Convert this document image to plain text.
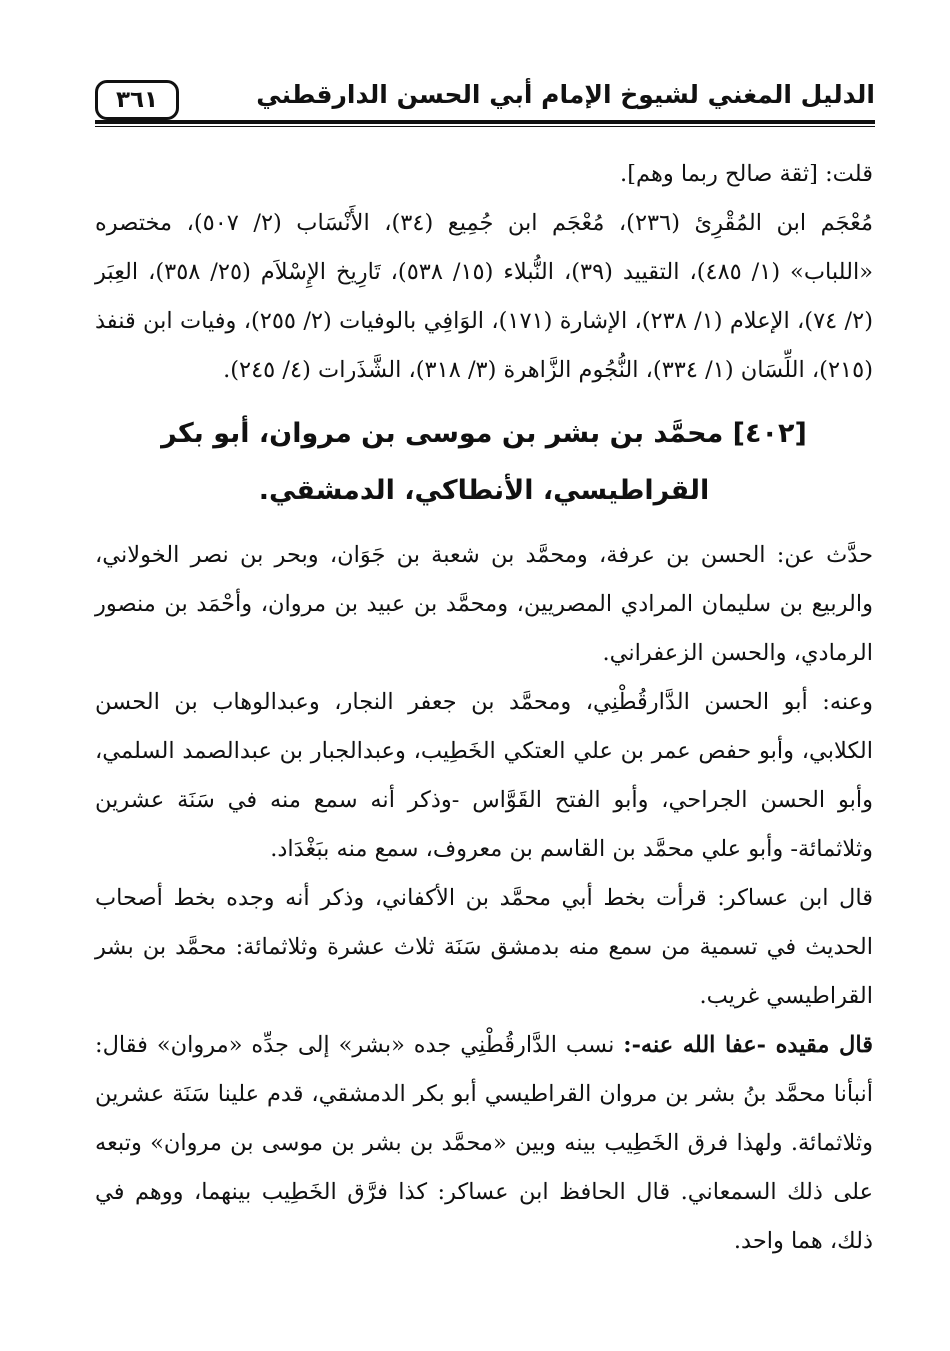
الدليل المغني لشيوخ الإمام أبي الحسن الدارقطني
٣٦١

قلت: [ثقة صالح ربما وهم].

مُعْجَم ابن المُقْرِئ (٢٣٦)، مُعْجَم ابن جُمِيع (٣٤)، الأَنْسَاب (٢/ ٥٠٧)، مختصره «اللباب» (١/ ٤٨٥)، التقييد (٣٩)، النُّبلاء (١٥/ ٥٣٨)، تَارِيخ الإِسْلاَم (٢٥/ ٣٥٨)، العِبَر (٢/ ٧٤)، الإعلام (١/ ٢٣٨)، الإشارة (١٧١)، الوَافِي بالوفيات (٢/ ٢٥٥)، وفيات ابن قنفذ (٢١٥)، اللِّسَان (١/ ٣٣٤)، النُّجُوم الزَّاهرة (٣/ ٣١٨)، الشَّذَرات (٤/ ٢٤٥).

[٤٠٢] محمَّد بن بشر بن موسى بن مروان، أبو بكر القراطيسي، الأنطاكي، الدمشقي.

حدَّث عن: الحسن بن عرفة، ومحمَّد بن شعبة بن جَوَان، وبحر بن نصر الخولاني، والربيع بن سليمان المرادي المصريين، ومحمَّد بن عبيد بن مروان، وأحْمَد بن منصور الرمادي، والحسن الزعفراني.

وعنه: أبو الحسن الدَّارقُطْنِي، ومحمَّد بن جعفر النجار، وعبدالوهاب بن الحسن الكلابي، وأبو حفص عمر بن علي العتكي الخَطِيب، وعبدالجبار بن عبدالصمد السلمي، وأبو الحسن الجراحي، وأبو الفتح القَوَّاس -وذكر أنه سمع منه في سَنَة عشرين وثلاثمائة- وأبو علي محمَّد بن القاسم بن معروف، سمع منه ببَغْدَاد.

قال ابن عساكر: قرأت بخط أبي محمَّد بن الأكفاني، وذكر أنه وجده بخط أصحاب الحديث في تسمية من سمع منه بدمشق سَنَة ثلاث عشرة وثلاثمائة: محمَّد بن بشر القراطيسي غريب.

قال مقيده -عفا الله عنه-: نسب الدَّارقُطْنِي جده «بشر» إلى جدِّه «مروان» فقال: أنبأنا محمَّد بنُ بشر بن مروان القراطيسي أبو بكر الدمشقي، قدم علينا سَنَة عشرين وثلاثمائة. ولهذا فرق الخَطِيب بينه وبين «محمَّد بن بشر بن موسى بن مروان» وتبعه على ذلك السمعاني. قال الحافظ ابن عساكر: كذا فرَّق الخَطِيب بينهما، ووهم في ذلك، هما واحد.
